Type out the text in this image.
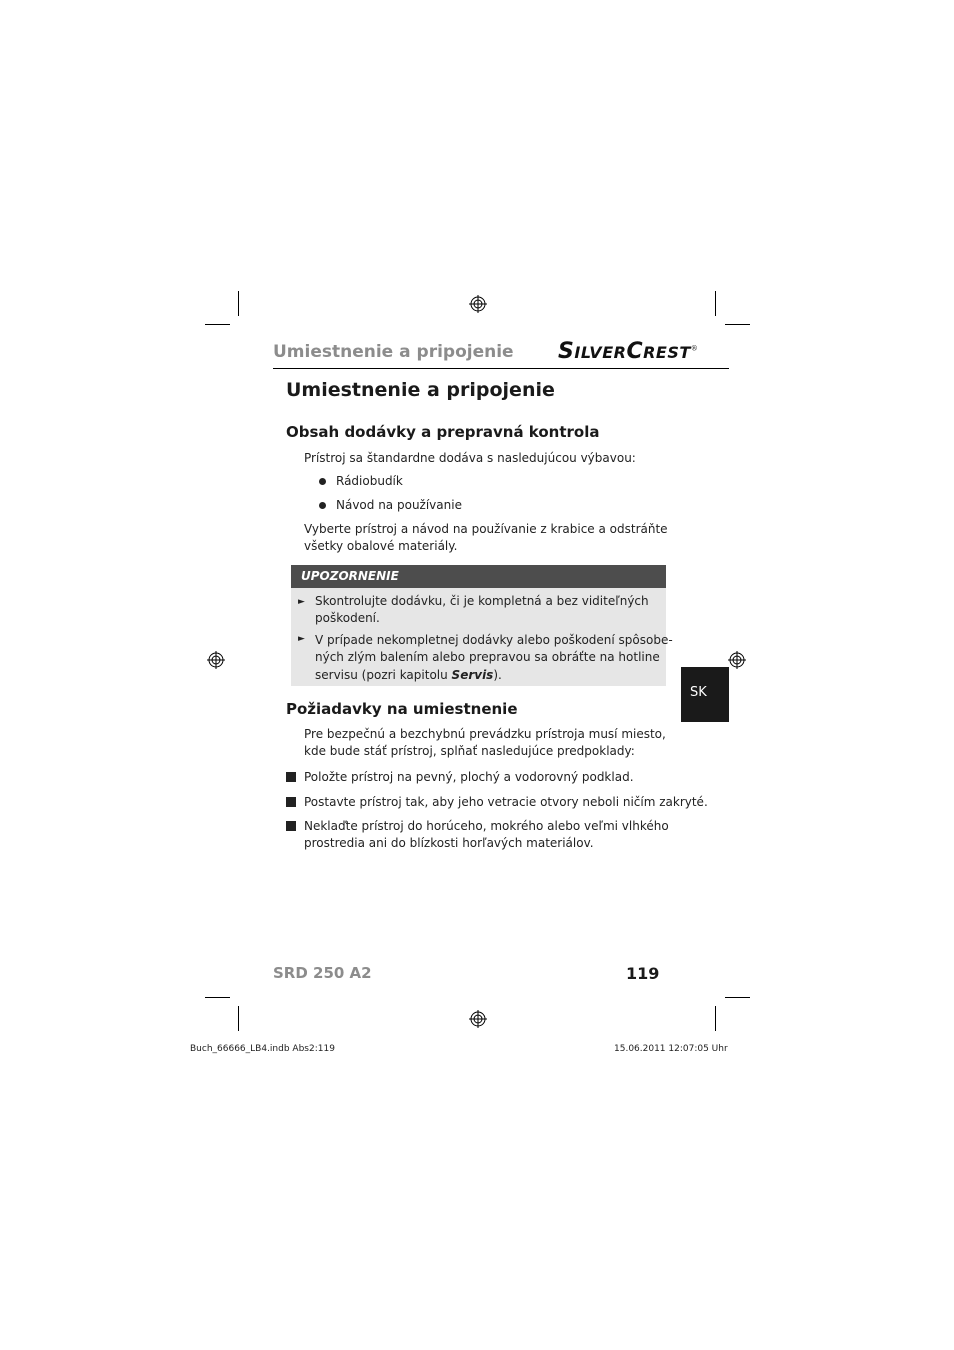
Umiestnenie a pripojenie SILVERCREST®
Umiestnenie a pripojenie
Obsah dodávky a prepravná kontrola
Prístroj sa štandardne dodáva s nasledujúcou výbavou:
Rádiobudík
Návod na používanie
Vyberte prístroj a návod na používanie z krabice a odstráňte
všetky obalové materiály.
UPOZORNENIE
► Skontrolujte dodávku, či je kompletná a bez viditeľných
poškodení.
► V prípade nekompletnej dodávky alebo poškodení spôsobe-
ných zlým balením alebo prepravou sa obráťte na hotline
servisu (pozri kapitolu Servis).
SK
Požiadavky na umiestnenie
Pre bezpečnú a bezchybnú prevádzku prístroja musí miesto,
kde bude stáť prístroj, splňať nasledujúce predpoklady:
Položte prístroj na pevný, plochý a vodorovný podklad.
Postavte prístroj tak, aby jeho vetracie otvory neboli ničím zakryté.
Neklaďte prístroj do horúceho, mokrého alebo veľmi vlhkého
prostredia ani do blízkosti horľavých materiálov.
SRD 250 A2	119
Buch_66666_LB4.indb Abs2:119	15.06.2011 12:07:05 Uhr
